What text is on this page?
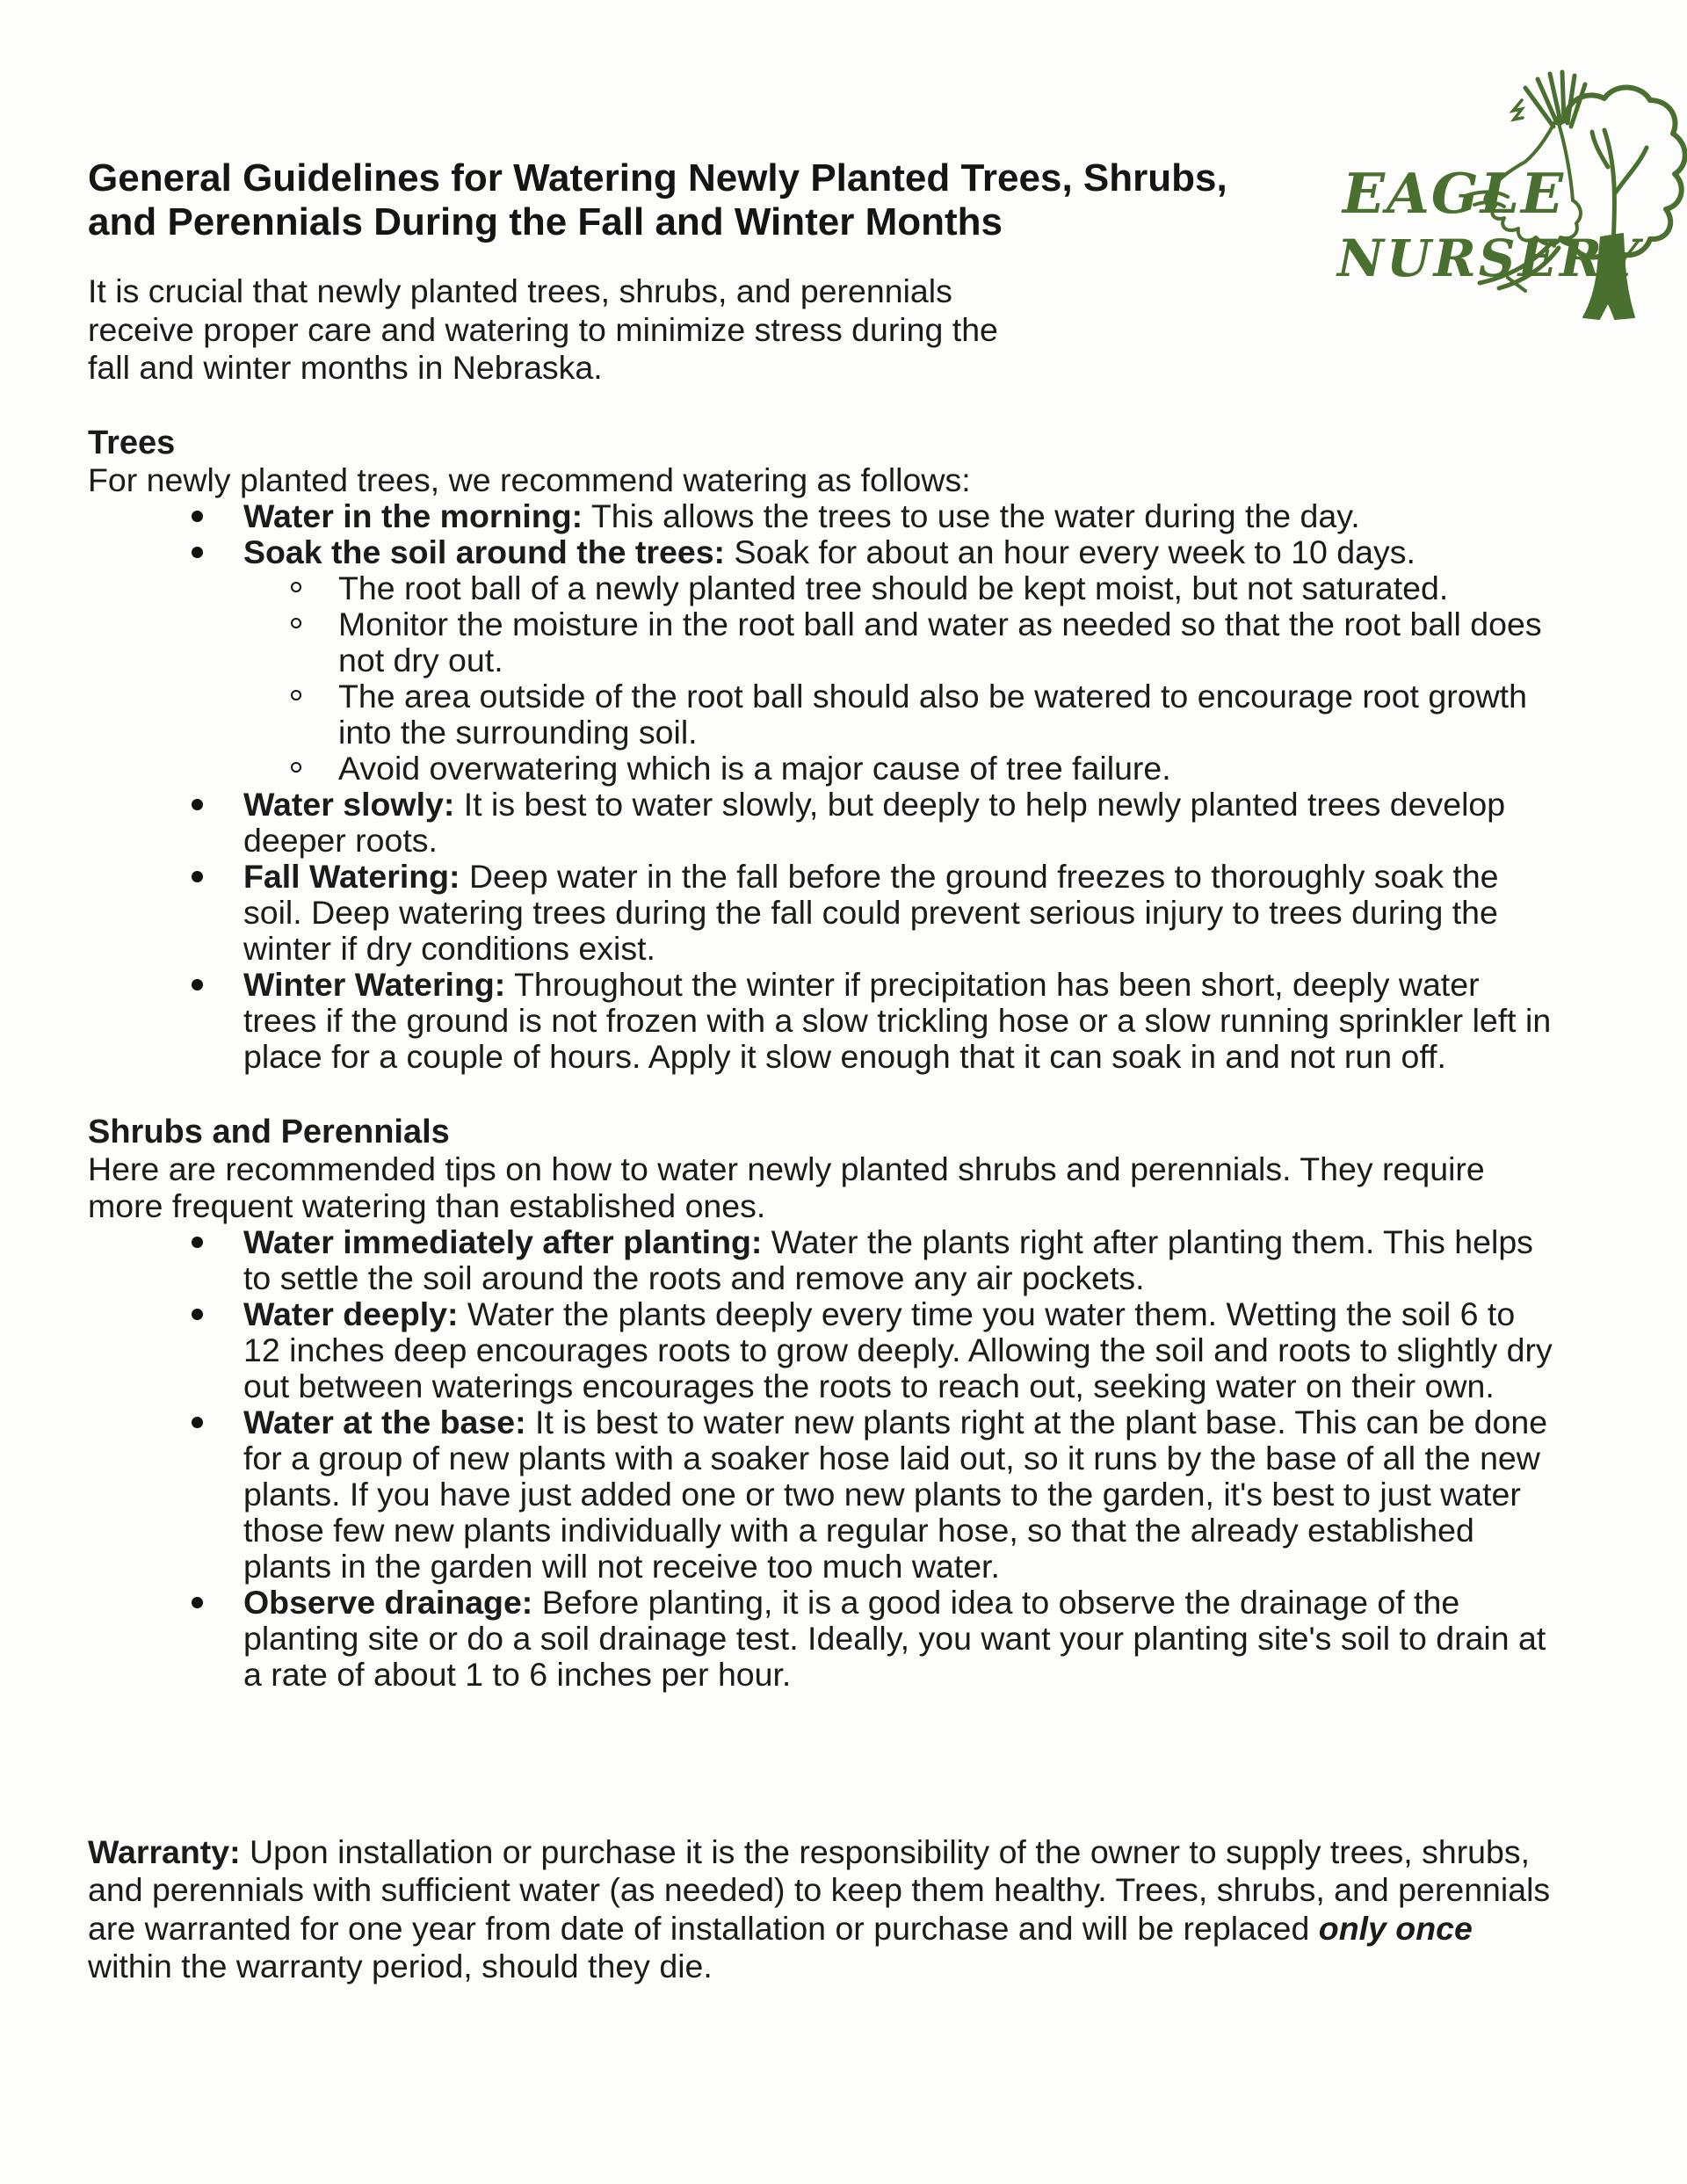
General Guidelines for Watering Newly Planted Trees, Shrubs, and Perennials During the Fall and Winter Months	EAGLE
NURSERY

It is crucial that newly planted trees, shrubs, and perennials receive proper care and watering to minimize stress during the fall and winter months in Nebraska.

Trees

For newly planted trees, we recommend watering as follows:

Water in the morning: This allows the trees to use the water during the day.
Soak the soil around the trees: Soak for about an hour every week to 10 days.
The root ball of a newly planted tree should be kept moist, but not saturated.
Monitor the moisture in the root ball and water as needed so that the root ball does not dry out.
The area outside of the root ball should also be watered to encourage root growth into the surrounding soil.
Avoid overwatering which is a major cause of tree failure.
Water slowly: It is best to water slowly, but deeply to help newly planted trees develop deeper roots.
Fall Watering: Deep water in the fall before the ground freezes to thoroughly soak the soil. Deep watering trees during the fall could prevent serious injury to trees during the winter if dry conditions exist.
Winter Watering: Throughout the winter if precipitation has been short, deeply water trees if the ground is not frozen with a slow trickling hose or a slow running sprinkler left in place for a couple of hours. Apply it slow enough that it can soak in and not run off.
Shrubs and Perennials

Here are recommended tips on how to water newly planted shrubs and perennials. They require more frequent watering than established ones.

Water immediately after planting: Water the plants right after planting them. This helps to settle the soil around the roots and remove any air pockets.
Water deeply: Water the plants deeply every time you water them. Wetting the soil 6 to 12 inches deep encourages roots to grow deeply. Allowing the soil and roots to slightly dry out between waterings encourages the roots to reach out, seeking water on their own.
Water at the base: It is best to water new plants right at the plant base. This can be done for a group of new plants with a soaker hose laid out, so it runs by the base of all the new plants. If you have just added one or two new plants to the garden, it's best to just water those few new plants individually with a regular hose, so that the already established plants in the garden will not receive too much water.
Observe drainage: Before planting, it is a good idea to observe the drainage of the planting site or do a soil drainage test. Ideally, you want your planting site's soil to drain at a rate of about 1 to 6 inches per hour.

Warranty: Upon installation or purchase it is the responsibility of the owner to supply trees, shrubs, and perennials with sufficient water (as needed) to keep them healthy. Trees, shrubs, and perennials are warranted for one year from date of installation or purchase and will be replaced only once within the warranty period, should they die.
